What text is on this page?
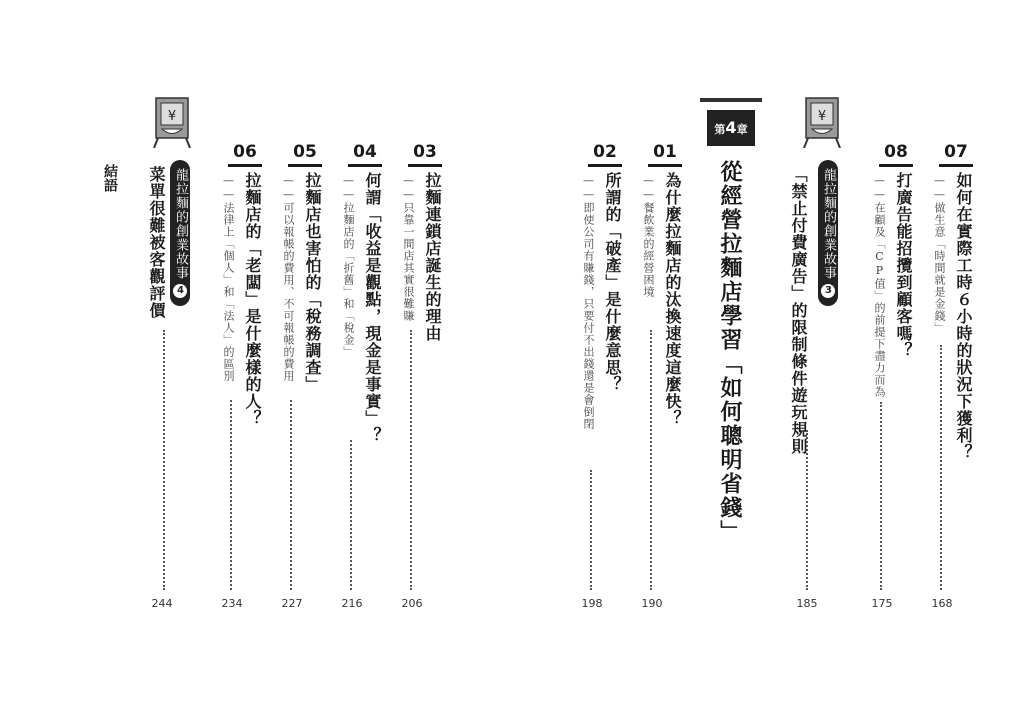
¥
¥
第4章
從經營拉麵店學習「如何聰明省錢」
07
如何在實際工時６小時的狀況下獲利？
——做生意「時間就是金錢」
168
08
打廣告能招攬到顧客嗎？
——在顧及「CP值」的前提下盡力而為
175
龍拉麵的創業故事3
「禁止付費廣告」的限制條件遊玩規則
185
01
為什麼拉麵店的汰換速度這麼快？
——餐飲業的經營困境
190
02
所謂的「破產」是什麼意思？
——即使公司有賺錢，只要付不出錢還是會倒閉
198
03
拉麵連鎖店誕生的理由
——只靠一間店其實很難賺
206
04
何謂「收益是觀點，現金是事實」？
——拉麵店的「折舊」和「稅金」
216
05
拉麵店也害怕的「稅務調查」
——可以報帳的費用、不可報帳的費用
227
06
拉麵店的「老闆」是什麼樣的人？
——法律上「個人」和「法人」的區別
234
龍拉麵的創業故事4
菜單很難被客觀評價
244
結語
